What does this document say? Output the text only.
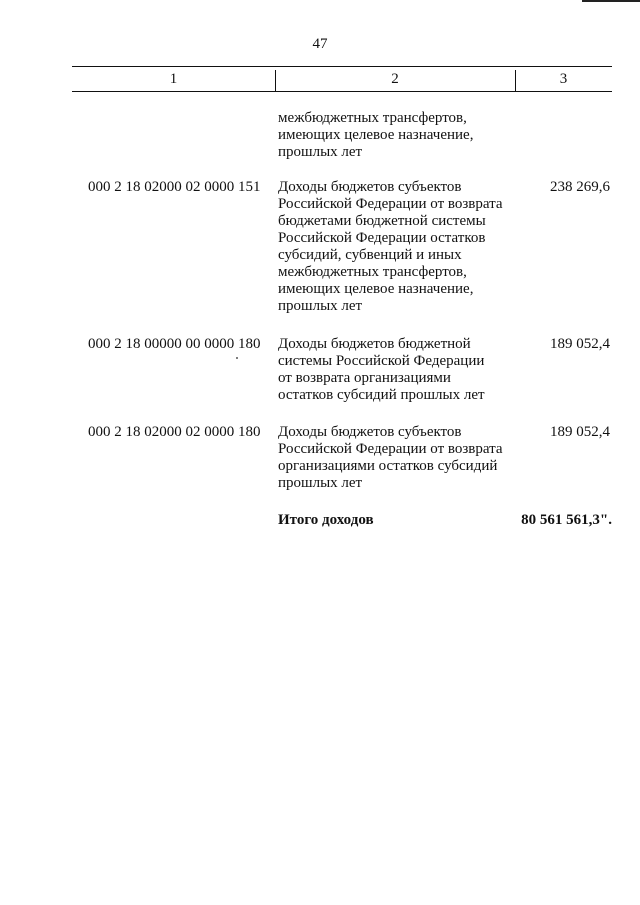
47
1	2	3
межбюджетных трансфертов,
имеющих целевое назначение,
прошлых лет
000 2 18 02000 02 0000 151	Доходы бюджетов субъектов
Российской Федерации от возврата
бюджетами бюджетной системы
Российской Федерации остатков
субсидий, субвенций и иных
межбюджетных трансфертов,
имеющих целевое назначение,
прошлых лет
238 269,6
000 2 18 00000 00 0000 180	Доходы бюджетов бюджетной
системы Российской Федерации
от возврата организациями
остатков субсидий прошлых лет
189 052,4
000 2 18 02000 02 0000 180	Доходы бюджетов субъектов
Российской Федерации от возврата
организациями остатков субсидий
прошлых лет
189 052,4
Итого доходов	80 561 561,3".
